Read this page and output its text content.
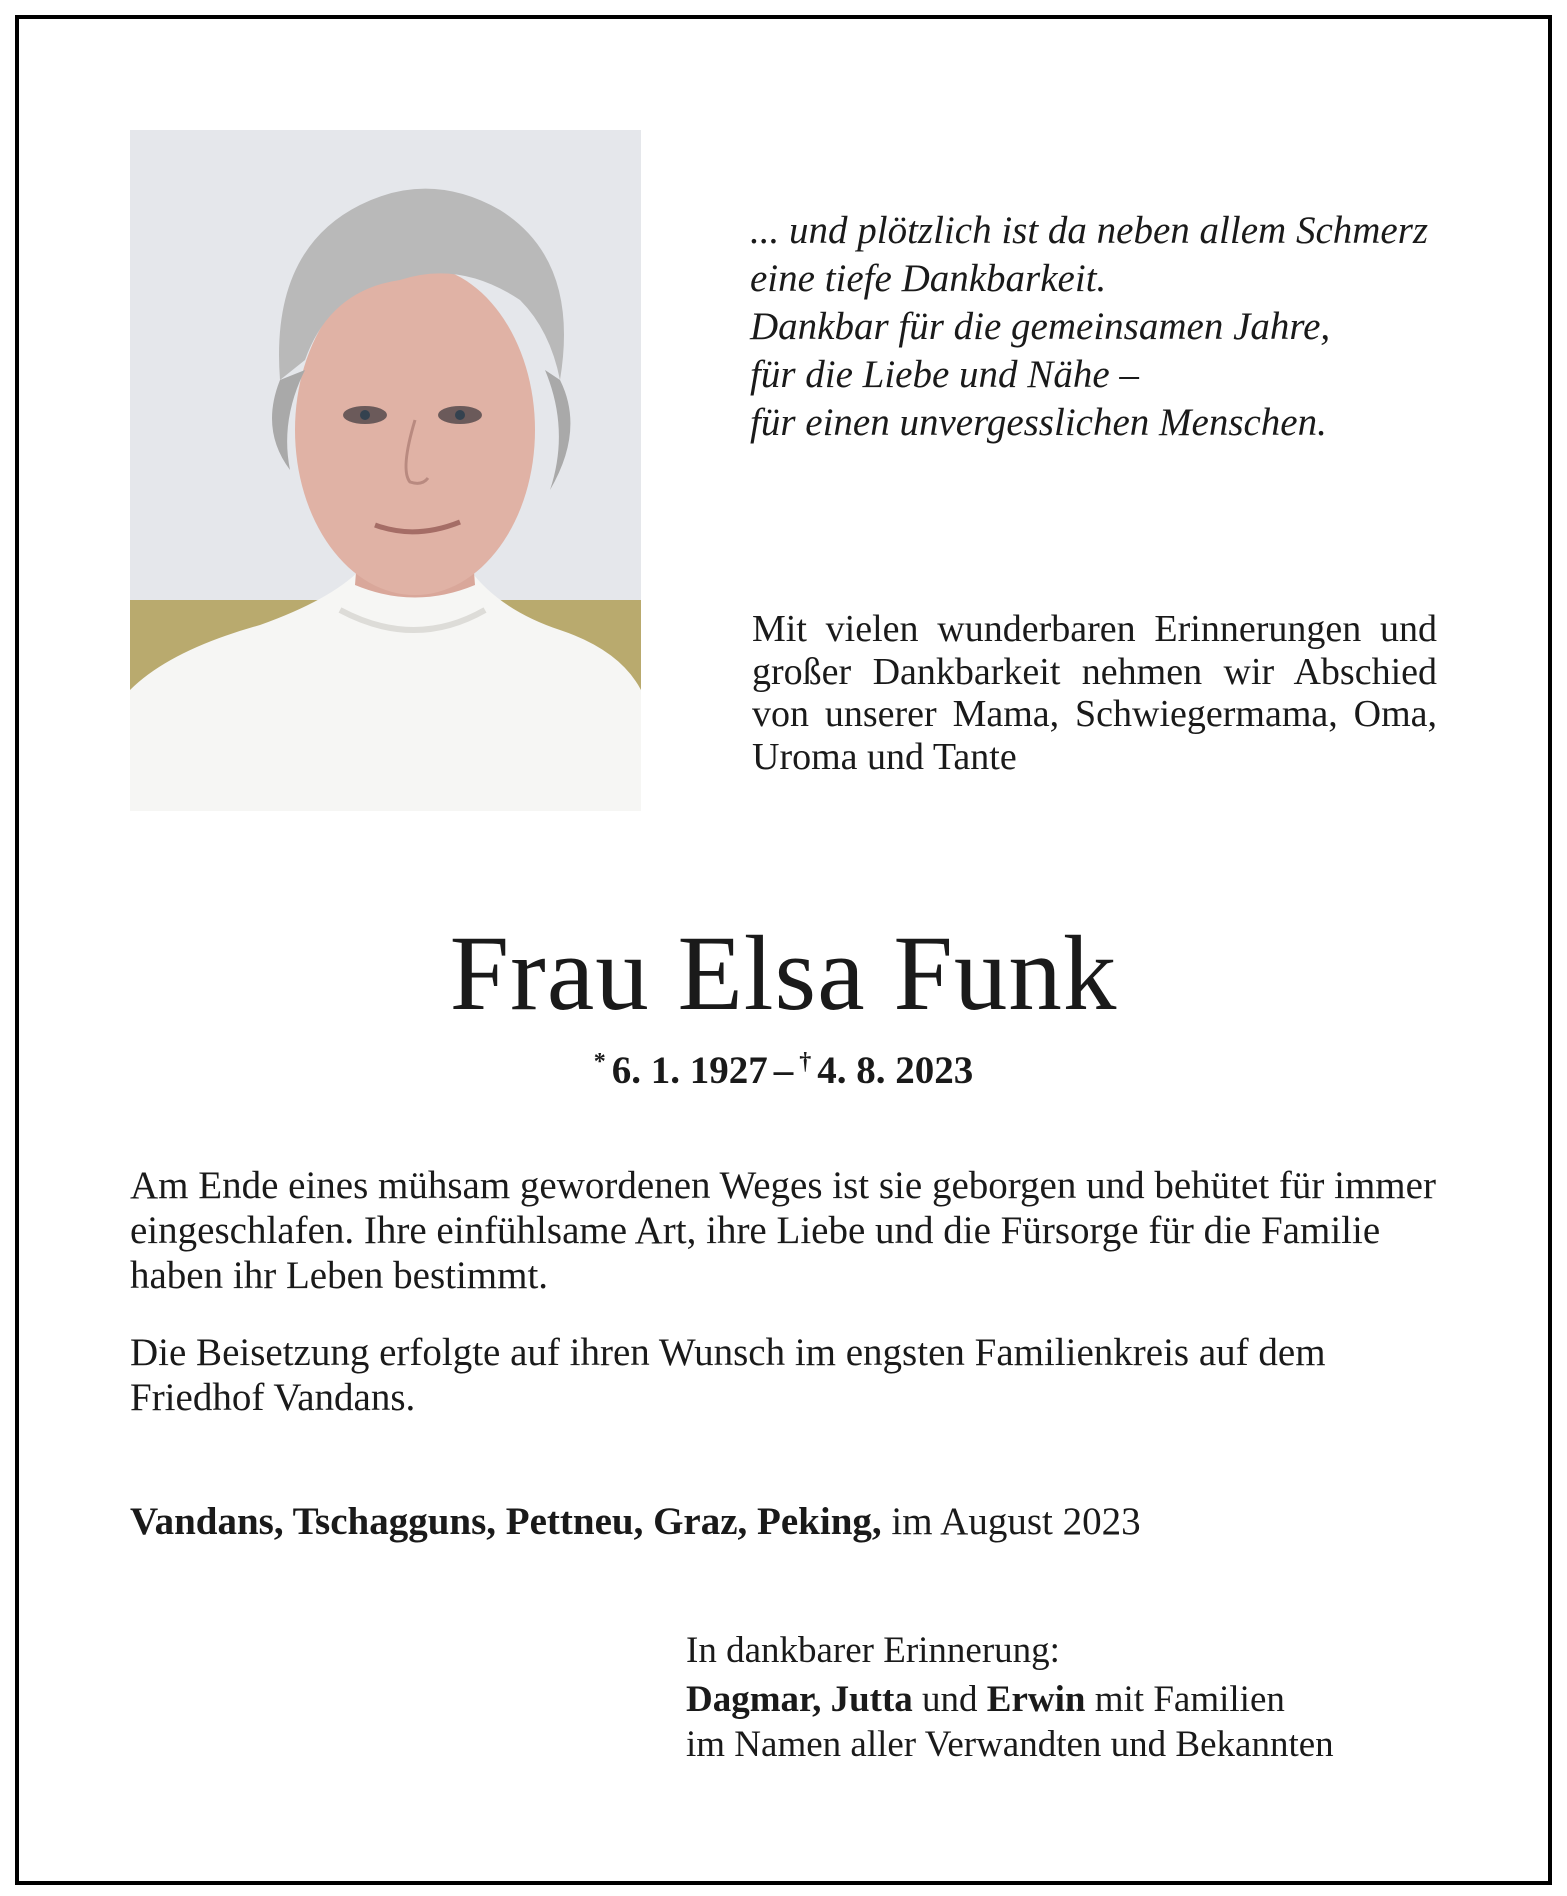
... und plötzlich ist da neben allem Schmerz
eine tiefe Dankbarkeit.
Dankbar für die gemeinsamen Jahre,
für die Liebe und Nähe –
für einen unvergesslichen Menschen.
Mit vielen wunderbaren Erinnerungen und großer Dankbarkeit nehmen wir Abschied von unserer Mama, Schwiegermama, Oma, Uroma und Tante
Frau Elsa Funk
* 6. 1. 1927 – † 4. 8. 2023
Am Ende eines mühsam gewordenen Weges ist sie geborgen und behütet für immer eingeschlafen. Ihre einfühlsame Art, ihre Liebe und die Fürsorge für die Familie haben ihr Leben bestimmt.
Die Beisetzung erfolgte auf ihren Wunsch im engsten Familienkreis auf dem Friedhof Vandans.
Vandans, Tschagguns, Pettneu, Graz, Peking, im August 2023
In dankbarer Erinnerung:
Dagmar, Jutta und Erwin mit Familien
im Namen aller Verwandten und Bekannten
